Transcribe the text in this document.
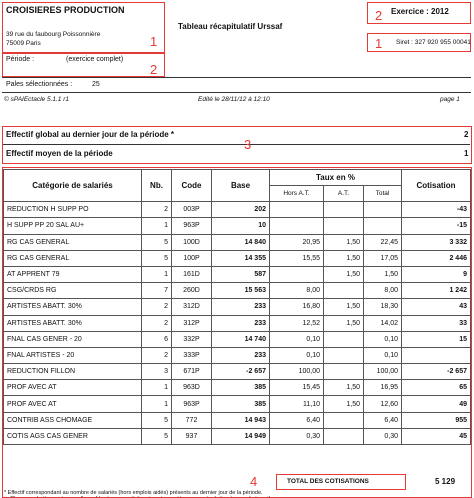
CROISIERES PRODUCTION
39 rue du faubourg Poissonnière
75009 Paris	1
Tableau récapitulatif Urssaf
Exercice : 2012
2
Siret : 327 920 955 00041
1
Période :	(exercice complet)
2
Pales sélectionnées :	25
© sPAIEctacle 5.1.1 r1	Edité le 28/11/12 à 12:10	page 1
Effectif global au dernier jour de la période *	2
Effectif moyen de la période	1
3
Catégorie de salariés	Nb.	Code	Base	Taux en %			Cotisation
				Hors A.T.	A.T.	Total	
REDUCTION H SUPP PO	2	003P	202				-43
H SUPP PP 20 SAL AU+	1	963P	10				-15
RG CAS GENERAL	5	100D	14 840	20,95	1,50	22,45	3 332
RG CAS GENERAL	5	100P	14 355	15,55	1,50	17,05	2 446
AT APPRENT 79	1	161D	587		1,50	1,50	9
CSG/CRDS RG	7	260D	15 563	8,00		8,00	1 242
ARTISTES ABATT. 30%	2	312D	233	16,80	1,50	18,30	43
ARTISTES ABATT. 30%	2	312P	233	12,52	1,50	14,02	33
FNAL CAS GENER - 20	6	332P	14 740	0,10		0,10	15
FNAL ARTISTES - 20	2	333P	233	0,10		0,10	
REDUCTION FILLON	3	671P	-2 657	100,00		100,00	-2 657
PROF AVEC AT	1	963D	385	15,45	1,50	16,95	65
PROF AVEC AT	1	963P	385	11,10	1,50	12,60	49
CONTRIB ASS CHOMAGE	5	772	14 943	6,40		6,40	955
COTIS AGS CAS GENER	5	937	14 949	0,30		0,30	45
TOTAL DES COTISATIONS	5 129
4
* Effectif correspondant au nombre de salariés (hors emplois aidés) présents au dernier jour de la période.
